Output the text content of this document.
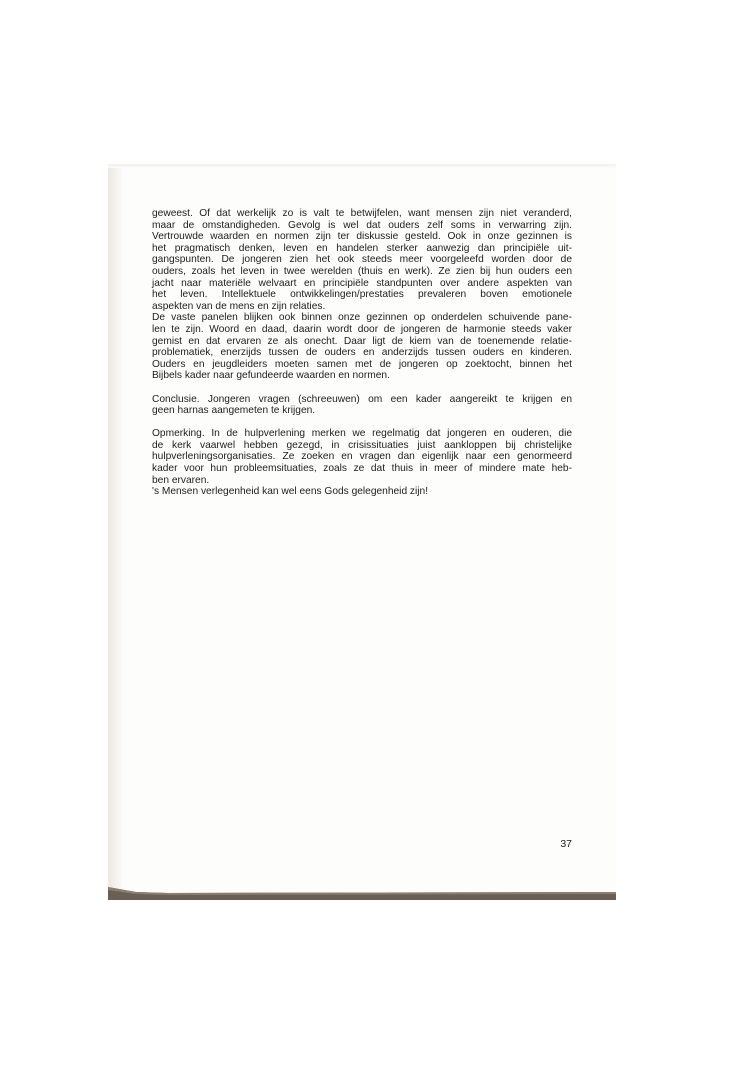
geweest. Of dat werkelijk zo is valt te betwijfelen, want mensen zijn niet veranderd,
maar de omstandigheden. Gevolg is wel dat ouders zelf soms in verwarring zijn.
Vertrouwde waarden en normen zijn ter diskussie gesteld. Ook in onze gezinnen is
het pragmatisch denken, leven en handelen sterker aanwezig dan principiële uit-
gangspunten. De jongeren zien het ook steeds meer voorgeleefd worden door de
ouders, zoals het leven in twee werelden (thuis en werk). Ze zien bij hun ouders een
jacht naar materiële welvaart en principiële standpunten over andere aspekten van
het leven. Intellektuele ontwikkelingen/prestaties prevaleren boven emotionele
aspekten van de mens en zijn relaties.
De vaste panelen blijken ook binnen onze gezinnen op onderdelen schuivende pane-
len te zijn. Woord en daad, daarin wordt door de jongeren de harmonie steeds vaker
gemist en dat ervaren ze als onecht. Daar ligt de kiem van de toenemende relatie-
problematiek, enerzijds tussen de ouders en anderzijds tussen ouders en kinderen.
Ouders en jeugdleiders moeten samen met de jongeren op zoektocht, binnen het
Bijbels kader naar gefundeerde waarden en normen.
Conclusie. Jongeren vragen (schreeuwen) om een kader aangereikt te krijgen en
geen harnas aangemeten te krijgen.
Opmerking. In de hulpverlening merken we regelmatig dat jongeren en ouderen, die
de kerk vaarwel hebben gezegd, in crisissituaties juist aankloppen bij christelijke
hulpverleningsorganisaties. Ze zoeken en vragen dan eigenlijk naar een genormeerd
kader voor hun probleemsituaties, zoals ze dat thuis in meer of mindere mate heb-
ben ervaren.
's Mensen verlegenheid kan wel eens Gods gelegenheid zijn!
37
